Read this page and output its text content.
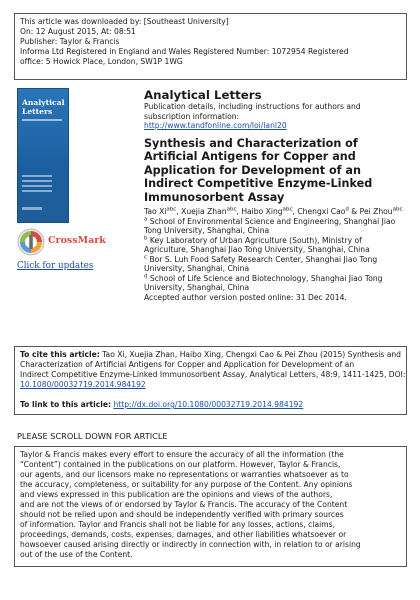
This article was downloaded by: [Southeast University]
On: 12 August 2015, At: 08:51
Publisher: Taylor & Francis
Informa Ltd Registered in England and Wales Registered Number: 1072954 Registered
office: 5 Howick Place, London, SW1P 1WG
Analytical Letters
CrossMark
Click for updates
Analytical Letters
Publication details, including instructions for authors and
subscription information:
http://www.tandfonline.com/loi/lanl20
Synthesis and Characterization of
Artificial Antigens for Copper and
Application for Development of an
Indirect Competitive Enzyme-Linked
Immunosorbent Assay
Tao $Xi^{abc}$, Xuejia Zhan$^{abc}$, Haibo Xing$^{abc}$, Chengxi Cao$^d$ & Pei Zhou$^{abc}$
$^a$ School of Environmental Science and Engineering, Shanghai Jiao
Tong University, Shanghai, China
$^b$ Key Laboratory of Urban Agriculture (South), Ministry of
Agriculture, Shanghai Jiao Tong University, Shanghai, China
$^c$ Bor S. Luh Food Safety Research Center, Shanghai Jiao Tong
University, Shanghai, China
$^d$ School of Life Science and Biotechnology, Shanghai Jiao Tong
University, Shanghai, China
Accepted author version posted online: 31 Dec 2014.
To cite this article: Tao Xi, Xuejia Zhan, Haibo Xing, Chengxi Cao & Pei Zhou (2015) Synthesis and
Characterization of Artificial Antigens for Copper and Application for Development of an
Indirect Competitive Enzyme-Linked Immunosorbent Assay, Analytical Letters, 48:9, 1411-1425, DOI:
10.1080/00032719.2014.984192
To link to this article: http://dx.doi.org/10.1080/00032719.2014.984192
PLEASE SCROLL DOWN FOR ARTICLE
Taylor & Francis makes every effort to ensure the accuracy of all the information (the
“Content”) contained in the publications on our platform. However, Taylor & Francis,
our agents, and our licensors make no representations or warranties whatsoever as to
the accuracy, completeness, or suitability for any purpose of the Content. Any opinions
and views expressed in this publication are the opinions and views of the authors,
and are not the views of or endorsed by Taylor & Francis. The accuracy of the Content
should not be relied upon and should be independently verified with primary sources
of information. Taylor and Francis shall not be liable for any losses, actions, claims,
proceedings, demands, costs, expenses, damages, and other liabilities whatsoever or
howsoever caused arising directly or indirectly in connection with, in relation to or arising
out of the use of the Content.
